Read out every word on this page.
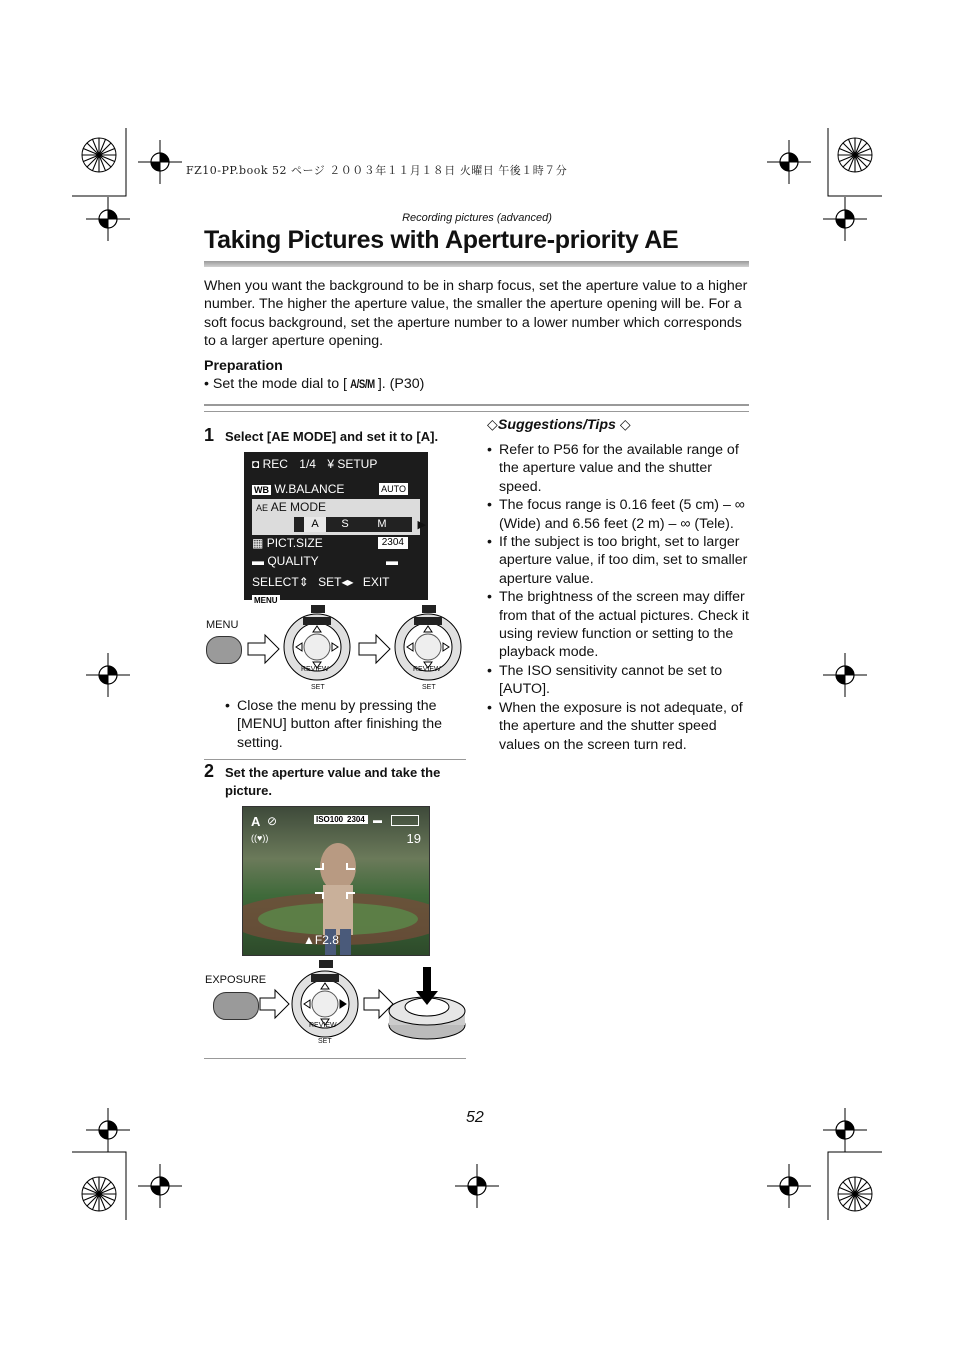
FZ10-PP.book 52 ページ ２００３年１１月１８日 火曜日 午後１時７分
Recording pictures (advanced)
Taking Pictures with Aperture-priority AE
When you want the background to be in sharp focus, set the aperture value to a higher number. The higher the aperture value, the smaller the aperture opening will be. For a soft focus background, set the aperture number to a lower number which corresponds to a larger aperture opening.
Preparation
• Set the mode dial to [ A/S/M ]. (P30)
1 Select [AE MODE] and set it to [A].
◘ REC 1/4 ¥ SETUP
WB W.BALANCE	AUTO
AE AE MODE
A	S	M	▶
▦ PICT.SIZE	2304
▬ QUALITY	▬
SELECT⇕ SET◂▸ EXIT MENU
MENU
REVIEW
SET
REVIEW
SET
• Close the menu by pressing the [MENU] button after finishing the setting.
2 Set the aperture value and take the picture.
A ⊘	ISO100 2304 ▬
((♥))	19
▲F2.8
EXPOSURE
REVIEW
SET
◇Suggestions/Tips ◇
• Refer to P56 for the available range of the aperture value and the shutter speed.
• The focus range is 0.16 feet (5 cm) – ∞ (Wide) and 6.56 feet (2 m) – ∞ (Tele).
• If the subject is too bright, set to larger aperture value, if too dim, set to smaller aperture value.
• The brightness of the screen may differ from that of the actual pictures. Check it using review function or setting to the playback mode.
• The ISO sensitivity cannot be set to [AUTO].
• When the exposure is not adequate, of the aperture and the shutter speed values on the screen turn red.
52
